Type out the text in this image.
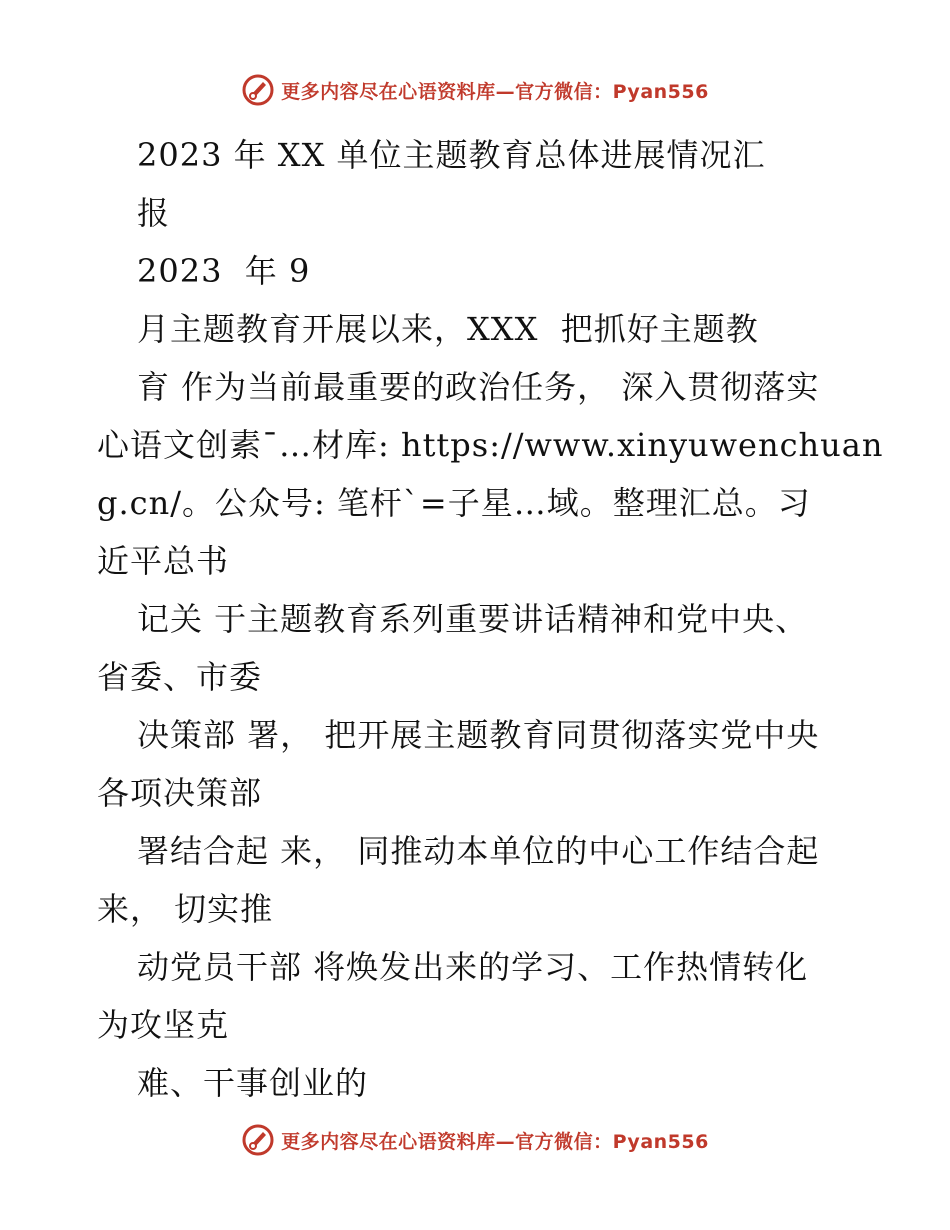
更多内容尽在心语资料库—官方微信：Pyan556
2023 年 XX 单位主题教育总体进展情况汇
报
2023  年 9
月主题教育开展以来，XXX  把抓好主题教
育 作为当前最重要的政治任务， 深入贯彻落实
心语文创素¯…材库: https://www.xinyuwenchuan
g.cn/。公众号: 笔杆ˋ=子星…域。整理汇总。习
近平总书
记关 于主题教育系列重要讲话精神和党中央、
省委、市委
决策部 署， 把开展主题教育同贯彻落实党中央
各项决策部
署结合起 来， 同推动本单位的中心工作结合起
来， 切实推
动党员干部 将焕发出来的学习、工作热情转化
为攻坚克
难、干事创业的
更多内容尽在心语资料库—官方微信：Pyan556
